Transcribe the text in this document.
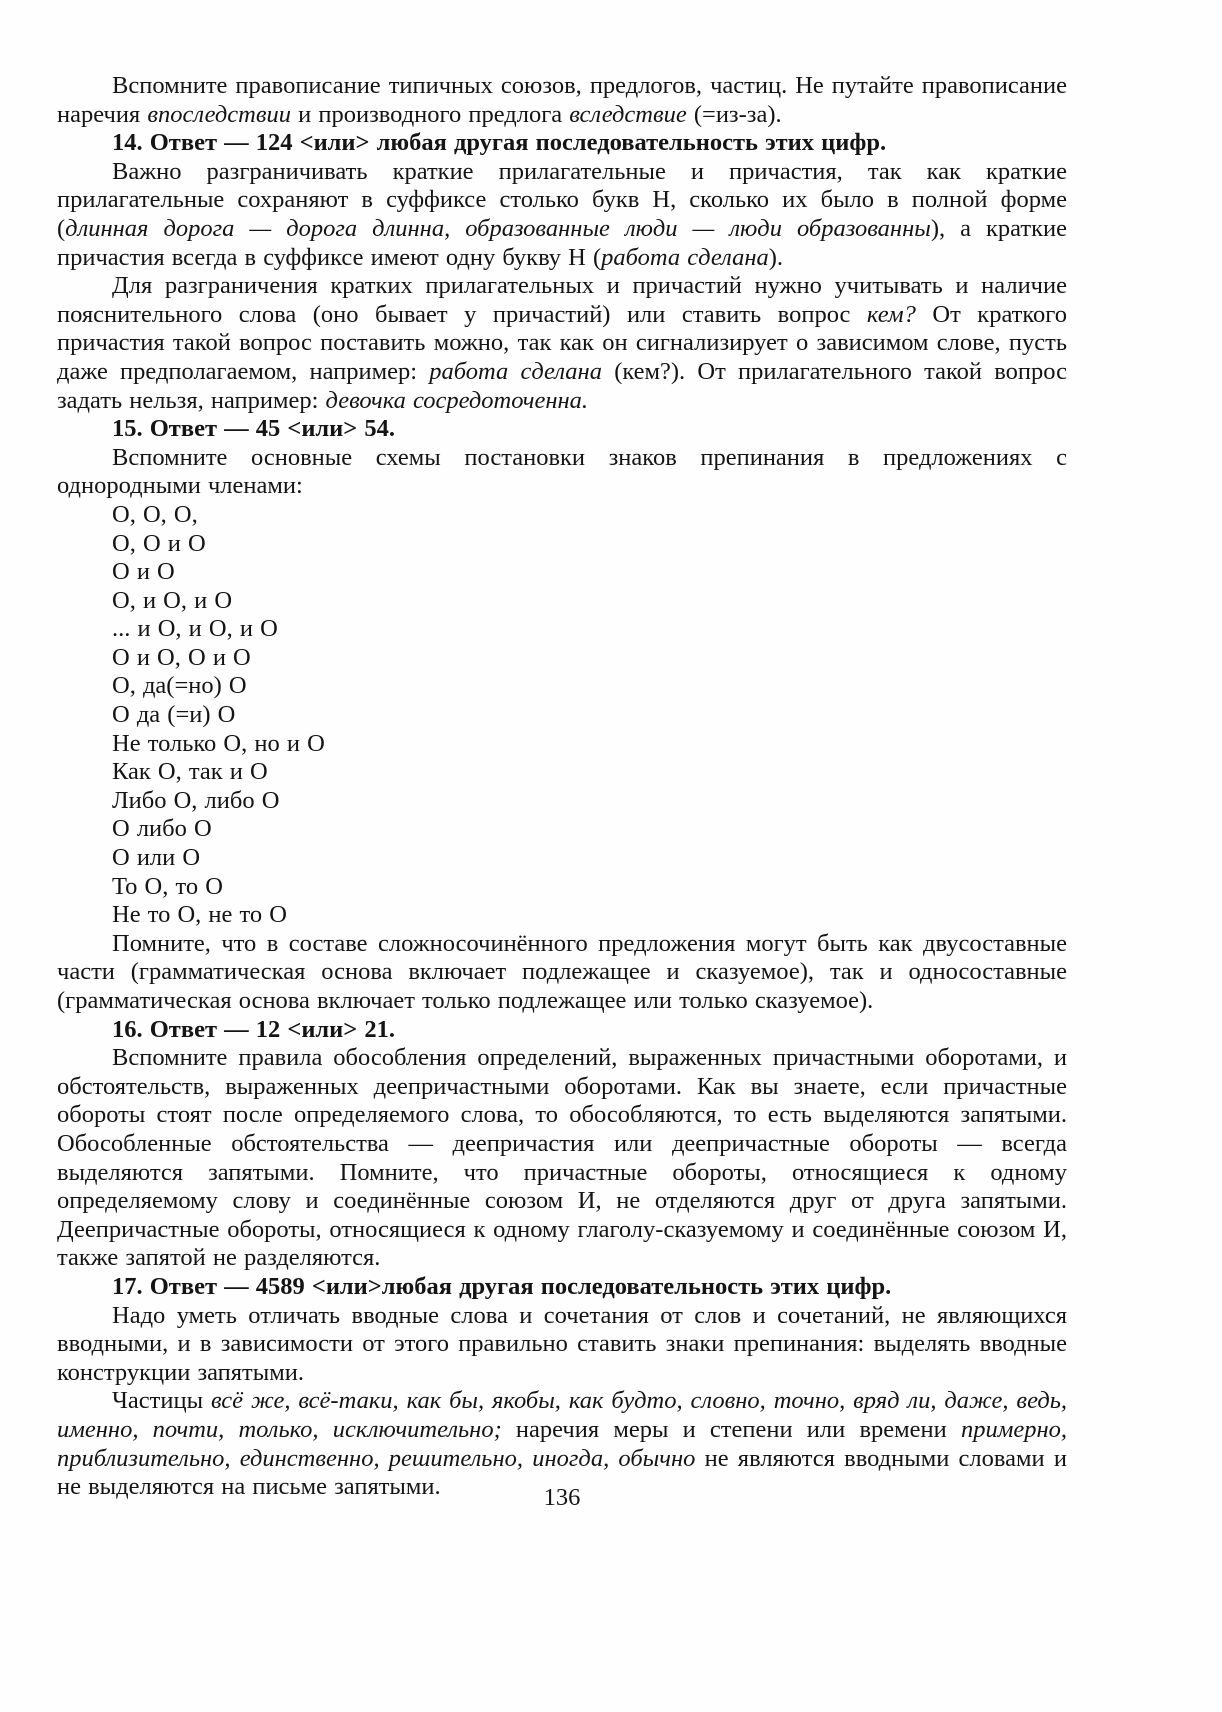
Вспомните правописание типичных союзов, предлогов, частиц. Не путайте правописание наречия впоследствии и производного предлога вследствие (=из-за).

14. Ответ — 124 <или> любая другая последовательность этих цифр.

Важно разграничивать краткие прилагательные и причастия, так как краткие прилагательные сохраняют в суффиксе столько букв Н, сколько их было в полной форме (длинная дорога — дорога длинна, образованные люди — люди образованны), а краткие причастия всегда в суффиксе имеют одну букву Н (работа сделана).

Для разграничения кратких прилагательных и причастий нужно учитывать и наличие пояснительного слова (оно бывает у причастий) или ставить вопрос кем? От краткого причастия такой вопрос поставить можно, так как он сигнализирует о зависимом слове, пусть даже предполагаемом, например: работа сделана (кем?). От прилагательного такой вопрос задать нельзя, например: девочка сосредоточенна.

15. Ответ — 45 <или> 54.

Вспомните основные схемы постановки знаков препинания в предложениях с однородными членами:

О, О, О,

О, О и О

О и О

О, и О, и О

... и О, и О, и О

О и О, О и О

О, да(=но) О

О да (=и) О

Не только О, но и О

Как О, так и О

Либо О, либо О

О либо О

О или О

То О, то О

Не то О, не то О

Помните, что в составе сложносочинённого предложения могут быть как двусоставные части (грамматическая основа включает подлежащее и сказуемое), так и односоставные (грамматическая основа включает только подлежащее или только сказуемое).

16. Ответ — 12 <или> 21.

Вспомните правила обособления определений, выраженных причастными оборотами, и обстоятельств, выраженных деепричастными оборотами. Как вы знаете, если причастные обороты стоят после определяемого слова, то обособляются, то есть выделяются запятыми. Обособленные обстоятельства — деепричастия или деепричастные обороты — всегда выделяются запятыми. Помните, что причастные обороты, относящиеся к одному определяемому слову и соединённые союзом И, не отделяются друг от друга запятыми. Деепричастные обороты, относящиеся к одному глаголу-сказуемому и соединённые союзом И, также запятой не разделяются.

17. Ответ — 4589 <или>любая другая последовательность этих цифр.

Надо уметь отличать вводные слова и сочетания от слов и сочетаний, не являющихся вводными, и в зависимости от этого правильно ставить знаки препинания: выделять вводные конструкции запятыми.

Частицы всё же, всё-таки, как бы, якобы, как будто, словно, точно, вряд ли, даже, ведь, именно, почти, только, исключительно; наречия меры и степени или времени примерно, приблизительно, единственно, решительно, иногда, обычно не являются вводными словами и не выделяются на письме запятыми.	136
